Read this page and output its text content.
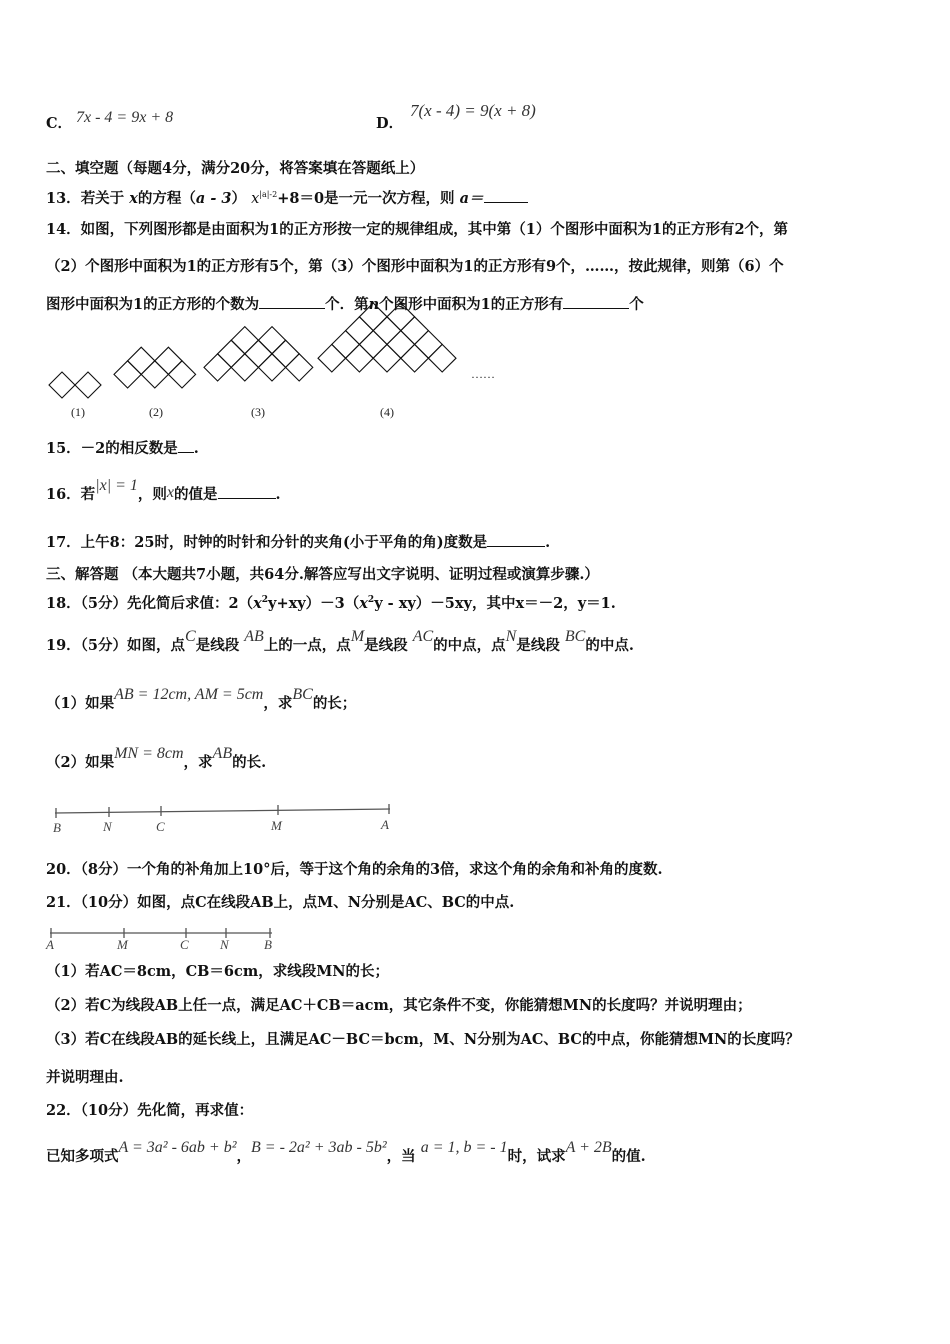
C． 7x - 4 = 9x + 8	D．
7(x - 4) = 9(x + 8)
二、填空题（每题4分，满分20分，将答案填在答题纸上）
13．若关于 x的方程（a - 3） $x^{|a|-2}+8=0$是一元一次方程，则 a＝
14．如图，下列图形都是由面积为1的正方形按一定的规律组成，其中第（1）个图形中面积为1的正方形有2个，第
（2）个图形中面积为1的正方形有5个，第（3）个图形中面积为1的正方形有9个，……，按此规律，则第（6）个
图形中面积为1的正方形的个数为	个．第n个图形中面积为1的正方形有	个
(1)	(2)	(3)	(4)
……
15．－2的相反数是 .
16．若|x| = 1，则x的值是	.
17．上午8：25时，时钟的时针和分针的夹角(小于平角的角)度数是	.
三、解答题 （本大题共7小题，共64分.解答应写出文字说明、证明过程或演算步骤.）
18．（5分）先化简后求值：$2(x^2y+xy)-3(x^2y - xy)-5xy$，其中x＝－2，y＝1.
19．（5分）如图，点C是线段 AB上的一点，点M是线段 AC的中点，点N是线段 BC的中点.
（1）如果AB = 12cm, AM = 5cm，求BC的长；
（2）如果MN = 8cm，求AB的长.
B	N	C	M	A
20．（8分）一个角的补角加上10°后，等于这个角的余角的3倍，求这个角的余角和补角的度数.
21．（10分）如图，点C在线段AB上，点M、N分别是AC、BC的中点.
A	M	C N	B
（1）若AC＝8cm，CB＝6cm，求线段MN的长；
（2）若C为线段AB上任一点，满足AC＋CB＝acm，其它条件不变，你能猜想MN的长度吗？并说明理由；
（3）若C在线段AB的延长线上，且满足AC－BC＝bcm，M、N分别为AC、BC的中点，你能猜想MN的长度吗？
并说明理由.
22．（10分）先化简，再求值：
已知多项式A = 3a² - 6ab + b²，B = - 2a² + 3ab - 5b²，当 a = 1, b = - 1时，试求A + 2B的值.
